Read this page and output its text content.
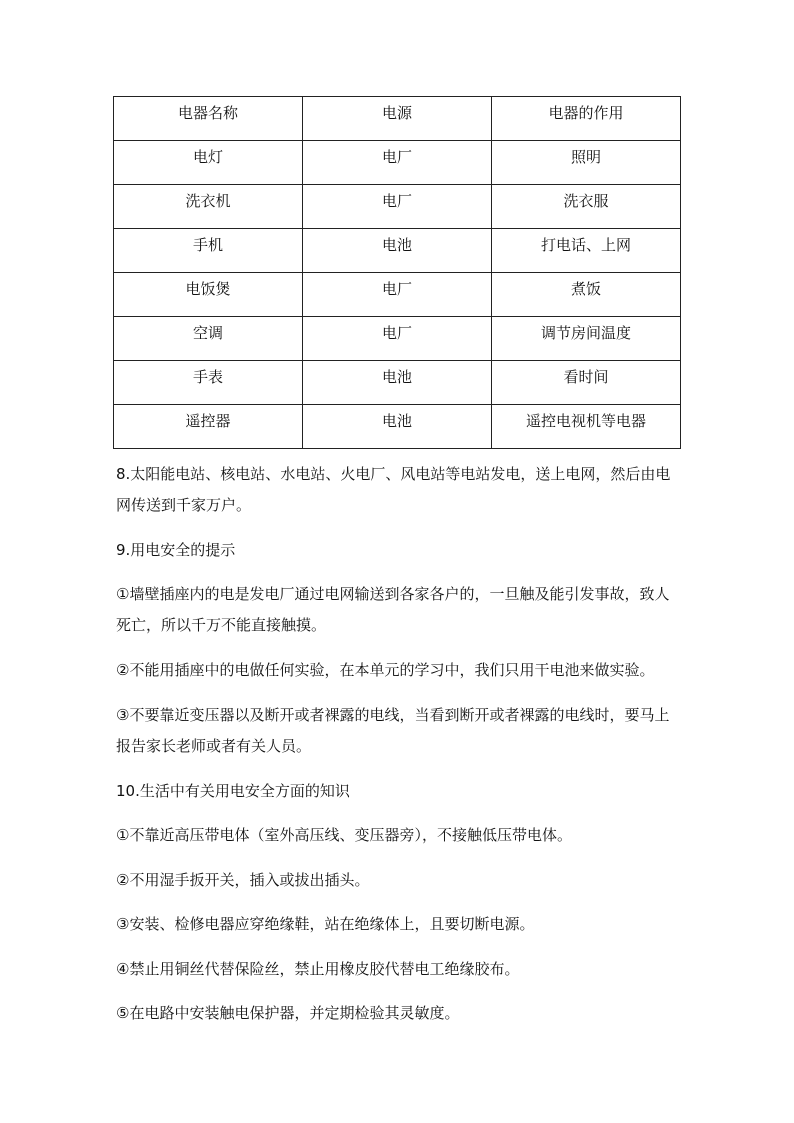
电器名称	电源	电器的作用
电灯	电厂	照明
洗衣机	电厂	洗衣服
手机	电池	打电话、上网
电饭煲	电厂	煮饭
空调	电厂	调节房间温度
手表	电池	看时间
遥控器	电池	遥控电视机等电器

8.太阳能电站、核电站、水电站、火电厂、风电站等电站发电，送上电网，然后由电网传送到千家万户。

9.用电安全的提示

①墙壁插座内的电是发电厂通过电网输送到各家各户的，一旦触及能引发事故，致人死亡，所以千万不能直接触摸。

②不能用插座中的电做任何实验，在本单元的学习中，我们只用干电池来做实验。

③不要靠近变压器以及断开或者裸露的电线，当看到断开或者裸露的电线时，要马上报告家长老师或者有关人员。

10.生活中有关用电安全方面的知识

①不靠近高压带电体（室外高压线、变压器旁），不接触低压带电体。

②不用湿手扳开关，插入或拔出插头。

③安装、检修电器应穿绝缘鞋，站在绝缘体上，且要切断电源。

④禁止用铜丝代替保险丝，禁止用橡皮胶代替电工绝缘胶布。

⑤在电路中安装触电保护器，并定期检验其灵敏度。
